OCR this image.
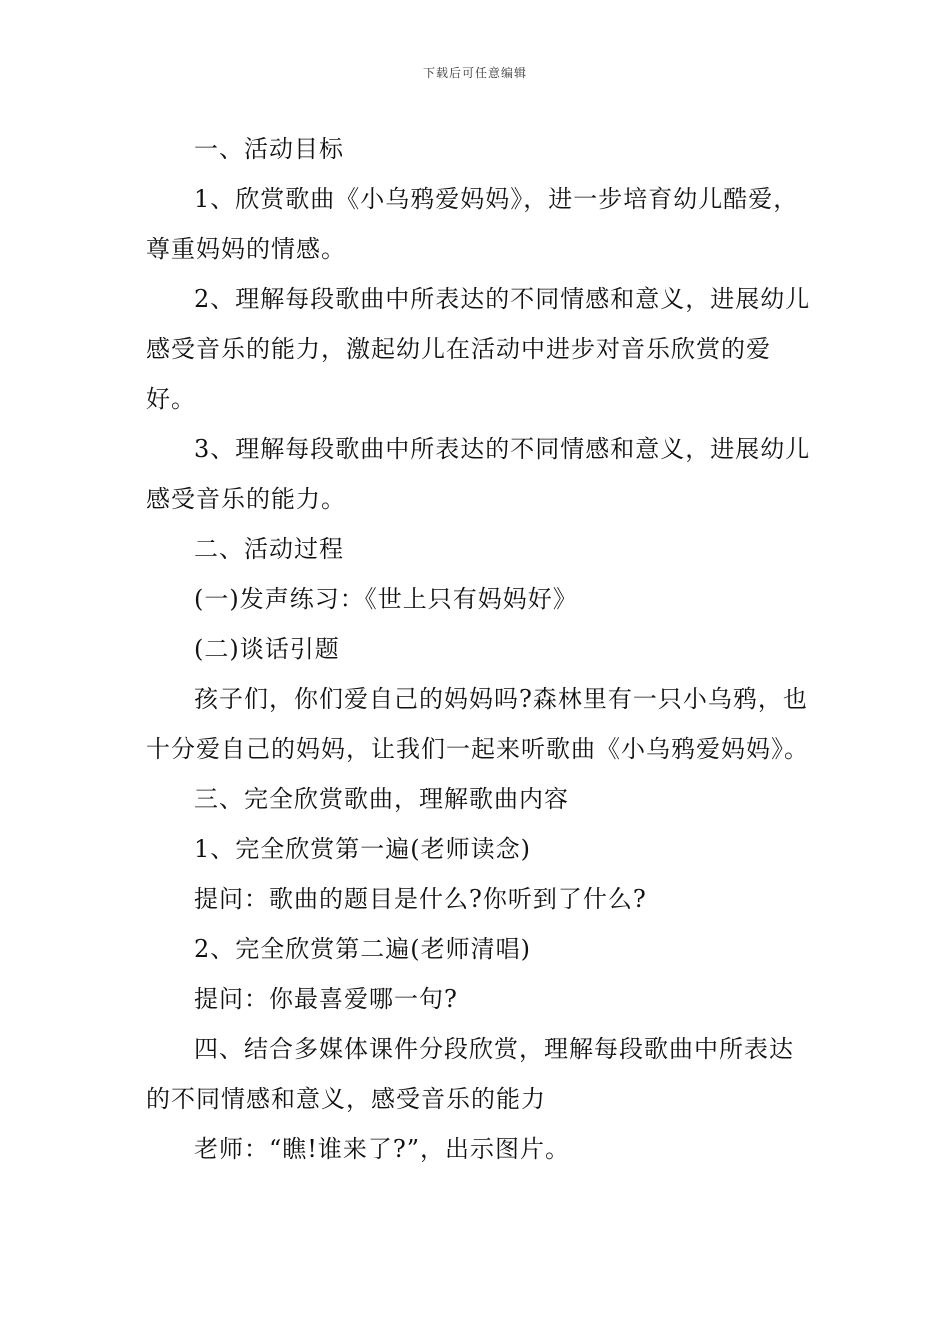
下载后可任意编辑

一、活动目标

1、欣赏歌曲《小乌鸦爱妈妈》，进一步培育幼儿酷爱，尊重妈妈的情感。

2、理解每段歌曲中所表达的不同情感和意义，进展幼儿感受音乐的能力，激起幼儿在活动中进步对音乐欣赏的爱好。

3、理解每段歌曲中所表达的不同情感和意义，进展幼儿感受音乐的能力。

二、活动过程

(一)发声练习：《世上只有妈妈好》

(二)谈话引题

孩子们，你们爱自己的妈妈吗?森林里有一只小乌鸦，也十分爱自己的妈妈，让我们一起来听歌曲《小乌鸦爱妈妈》。

三、完全欣赏歌曲，理解歌曲内容

1、完全欣赏第一遍(老师读念)

提问：歌曲的题目是什么?你听到了什么?

2、完全欣赏第二遍(老师清唱)

提问：你最喜爱哪一句?

四、结合多媒体课件分段欣赏，理解每段歌曲中所表达的不同情感和意义，感受音乐的能力

老师：“瞧!谁来了?”，出示图片。
